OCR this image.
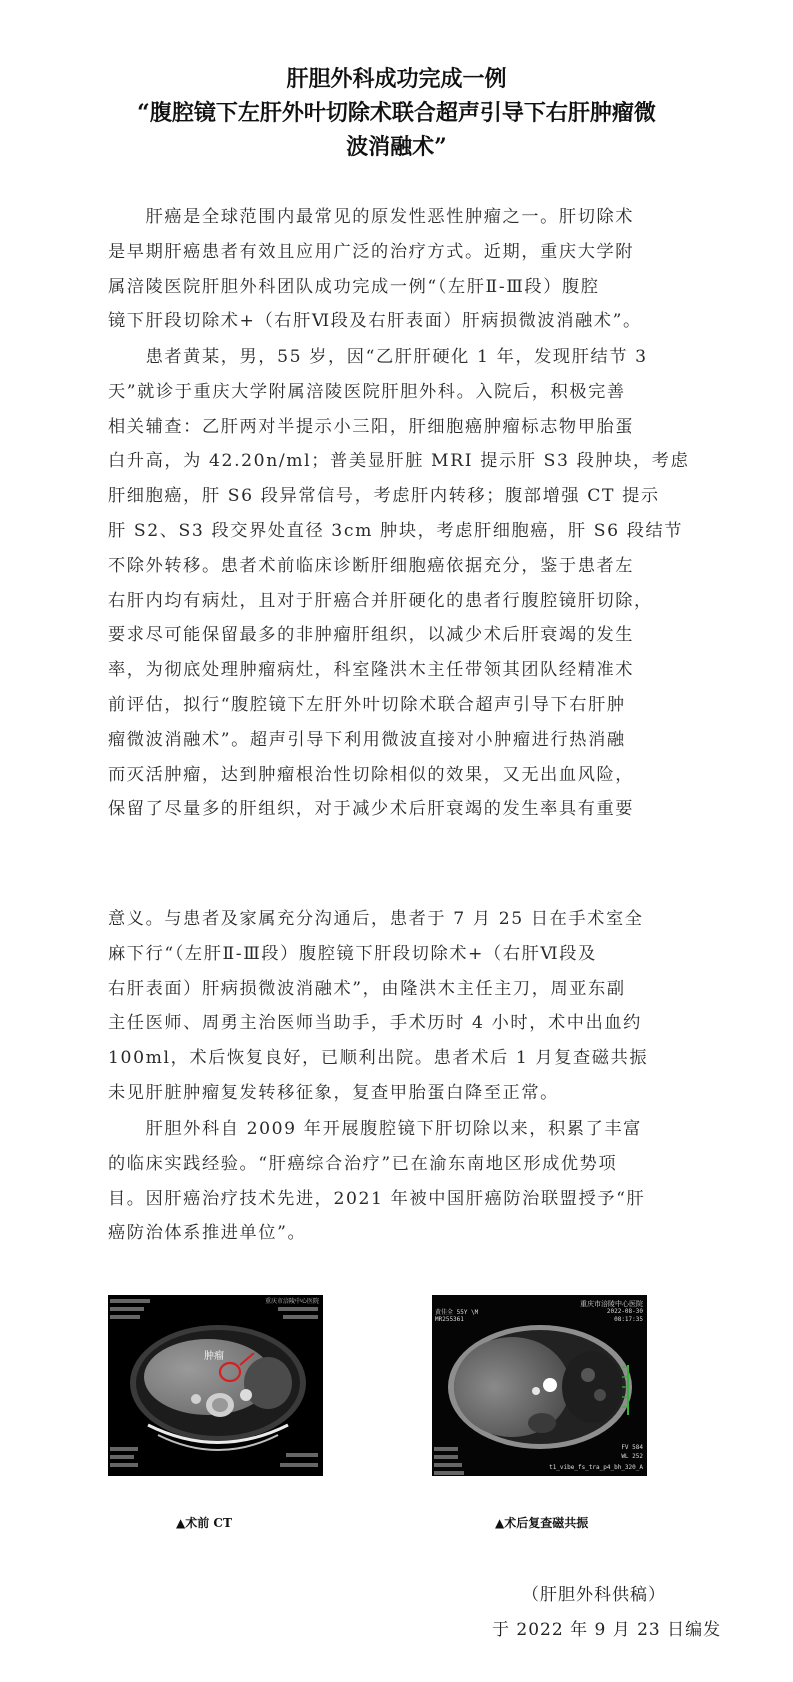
肝胆外科成功完成一例
“腹腔镜下左肝外叶切除术联合超声引导下右肝肿瘤微
波消融术”
　　肝癌是全球范围内最常见的原发性恶性肿瘤之一。肝切除术
是早期肝癌患者有效且应用广泛的治疗方式。近期，重庆大学附
属涪陵医院肝胆外科团队成功完成一例“（左肝Ⅱ-Ⅲ段）腹腔
镜下肝段切除术+（右肝Ⅵ段及右肝表面）肝病损微波消融术”。
　　患者黄某，男，55 岁，因“乙肝肝硬化 1 年，发现肝结节 3
天”就诊于重庆大学附属涪陵医院肝胆外科。入院后，积极完善
相关辅查：乙肝两对半提示小三阳，肝细胞癌肿瘤标志物甲胎蛋
白升高，为 42.20n/ml；普美显肝脏 MRI 提示肝 S3 段肿块，考虑
肝细胞癌，肝 S6 段异常信号，考虑肝内转移；腹部增强 CT 提示
肝 S2、S3 段交界处直径 3cm 肿块，考虑肝细胞癌，肝 S6 段结节
不除外转移。患者术前临床诊断肝细胞癌依据充分，鉴于患者左
右肝内均有病灶，且对于肝癌合并肝硬化的患者行腹腔镜肝切除，
要求尽可能保留最多的非肿瘤肝组织，以减少术后肝衰竭的发生
率，为彻底处理肿瘤病灶，科室隆洪木主任带领其团队经精准术
前评估，拟行“腹腔镜下左肝外叶切除术联合超声引导下右肝肿
瘤微波消融术”。超声引导下利用微波直接对小肿瘤进行热消融
而灭活肿瘤，达到肿瘤根治性切除相似的效果，又无出血风险，
保留了尽量多的肝组织，对于减少术后肝衰竭的发生率具有重要
意义。与患者及家属充分沟通后，患者于 7 月 25 日在手术室全
麻下行“（左肝Ⅱ-Ⅲ段）腹腔镜下肝段切除术+（右肝Ⅵ段及
右肝表面）肝病损微波消融术”，由隆洪木主任主刀，周亚东副
主任医师、周勇主治医师当助手，手术历时 4 小时，术中出血约
100ml，术后恢复良好，已顺利出院。患者术后 1 月复查磁共振
未见肝脏肿瘤复发转移征象，复查甲胎蛋白降至正常。
　　肝胆外科自 2009 年开展腹腔镜下肝切除以来，积累了丰富
的临床实践经验。“肝癌综合治疗”已在渝东南地区形成优势项
目。因肝癌治疗技术先进，2021 年被中国肝癌防治联盟授予“肝
癌防治体系推进单位”。
重庆市涪陵中心医院
肿瘤
▲术前 CT
黄佳全 55Y \M
MR255361
重庆市涪陵中心医院
2022-08-30
08:17:35
FV 584
WL 252
t1_vibe_fs_tra_p4_bh_320_A
▲术后复查磁共振
（肝胆外科供稿）
于 2022 年 9 月 23 日编发
